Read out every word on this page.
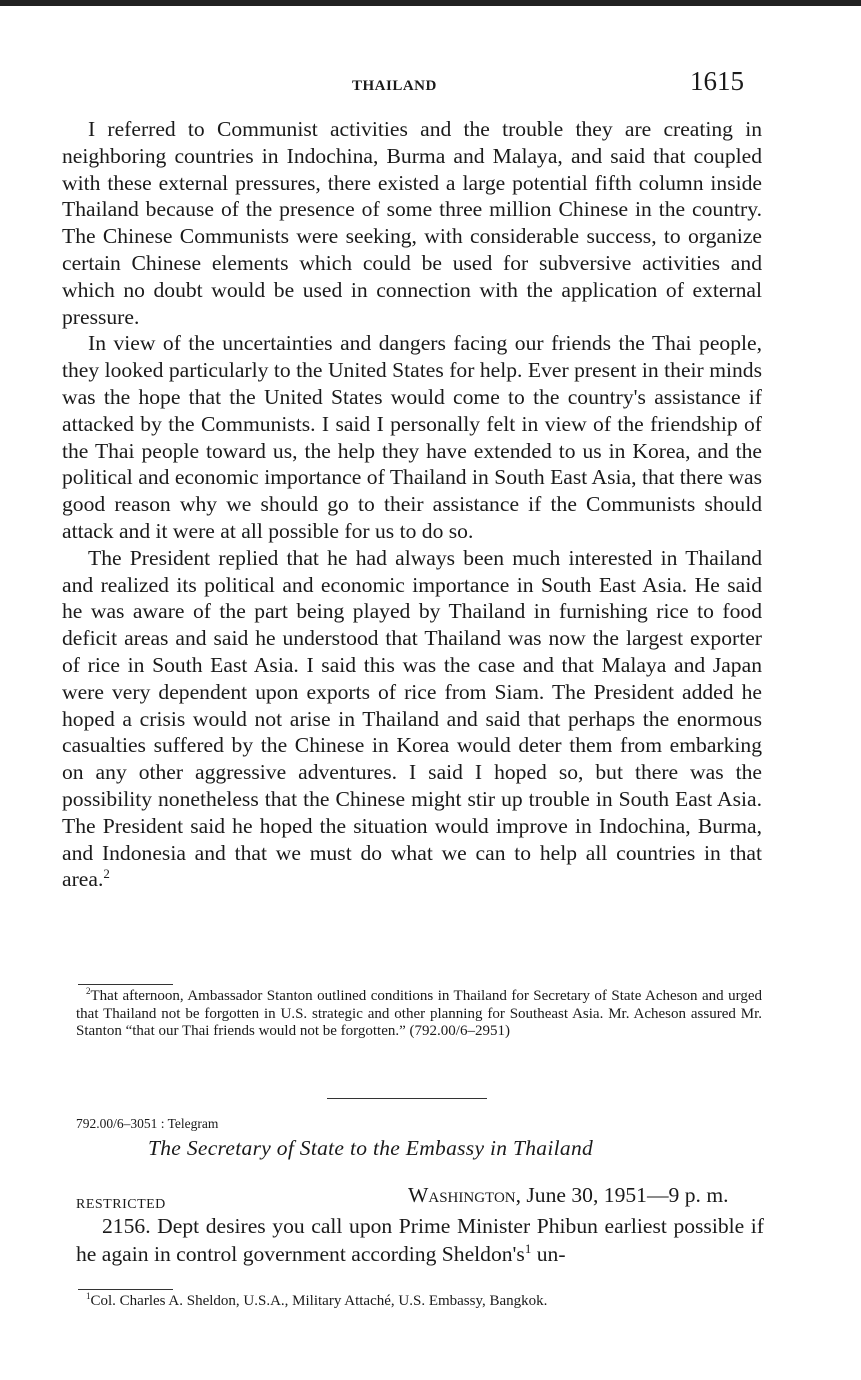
THAILAND	1615

I referred to Communist activities and the trouble they are creating in neighboring countries in Indochina, Burma and Malaya, and said that coupled with these external pressures, there existed a large potential fifth column inside Thailand because of the presence of some three million Chinese in the country. The Chinese Communists were seeking, with considerable success, to organize certain Chinese elements which could be used for subversive activities and which no doubt would be used in connection with the application of external pressure.

In view of the uncertainties and dangers facing our friends the Thai people, they looked particularly to the United States for help. Ever present in their minds was the hope that the United States would come to the country's assistance if attacked by the Communists. I said I personally felt in view of the friendship of the Thai people toward us, the help they have extended to us in Korea, and the political and economic importance of Thailand in South East Asia, that there was good reason why we should go to their assistance if the Communists should attack and it were at all possible for us to do so.

The President replied that he had always been much interested in Thailand and realized its political and economic importance in South East Asia. He said he was aware of the part being played by Thailand in furnishing rice to food deficit areas and said he understood that Thailand was now the largest exporter of rice in South East Asia. I said this was the case and that Malaya and Japan were very dependent upon exports of rice from Siam. The President added he hoped a crisis would not arise in Thailand and said that perhaps the enormous casualties suffered by the Chinese in Korea would deter them from embarking on any other aggressive adventures. I said I hoped so, but there was the possibility nonetheless that the Chinese might stir up trouble in South East Asia. The President said he hoped the situation would improve in Indochina, Burma, and Indonesia and that we must do what we can to help all countries in that area.$^2$

$^2$That afternoon, Ambassador Stanton outlined conditions in Thailand for Secretary of State Acheson and urged that Thailand not be forgotten in U.S. strategic and other planning for Southeast Asia. Mr. Acheson assured Mr. Stanton “that our Thai friends would not be forgotten.” (792.00/6–2951)
792.00/6–3051 : Telegram
The Secretary of State to the Embassy in Thailand
RESTRICTED	Washington, June 30, 1951—9 p. m.

2156. Dept desires you call upon Prime Minister Phibun earliest possible if he again in control government according $Sheldon's^1$ un-

$^1$Col. Charles A. Sheldon, U.S.A., Military Attaché, U.S. Embassy, Bangkok.
